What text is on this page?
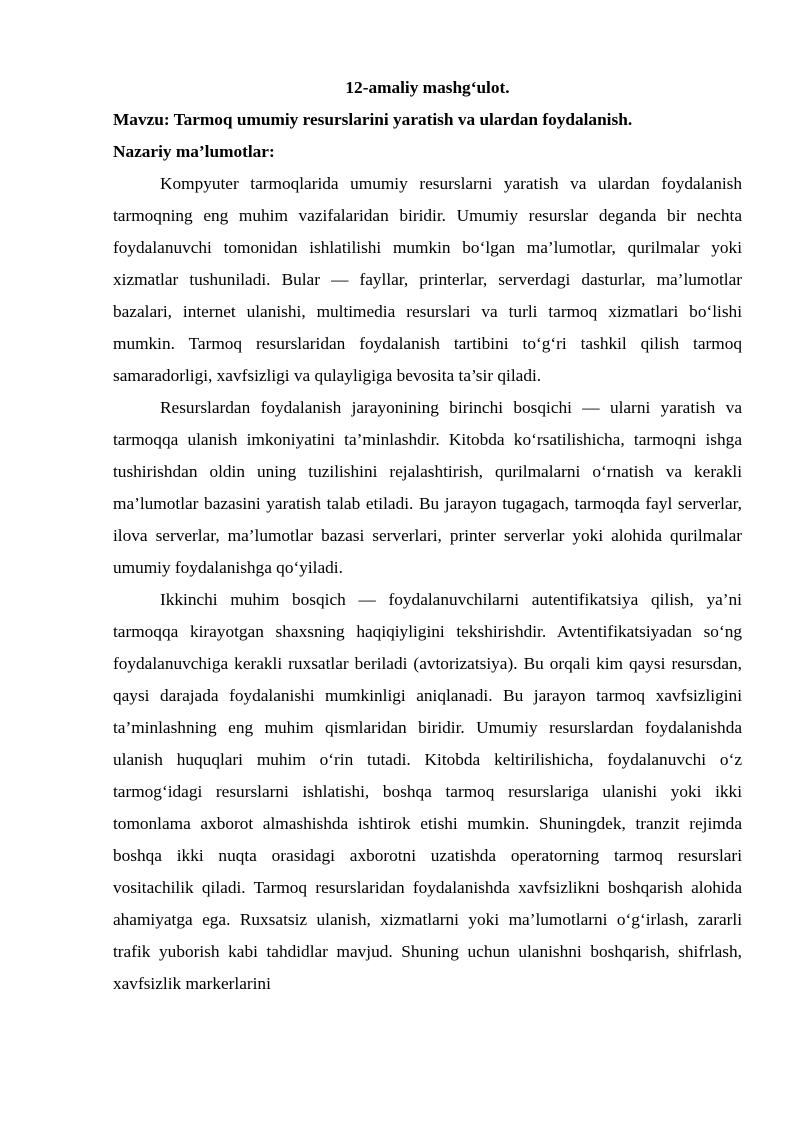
12-amaliy mashg‘ulot.

Mavzu: Tarmoq umumiy resurslarini yaratish va ulardan foydalanish.

Nazariy ma’lumotlar:

Kompyuter tarmoqlarida umumiy resurslarni yaratish va ulardan foydalanish tarmoqning eng muhim vazifalaridan biridir. Umumiy resurslar deganda bir nechta foydalanuvchi tomonidan ishlatilishi mumkin bo‘lgan ma’lumotlar, qurilmalar yoki xizmatlar tushuniladi. Bular — fayllar, printerlar, serverdagi dasturlar, ma’lumotlar bazalari, internet ulanishi, multimedia resurslari va turli tarmoq xizmatlari bo‘lishi mumkin. Tarmoq resurslaridan foydalanish tartibini to‘g‘ri tashkil qilish tarmoq samaradorligi, xavfsizligi va qulayligiga bevosita ta’sir qiladi.

Resurslardan foydalanish jarayonining birinchi bosqichi — ularni yaratish va tarmoqqa ulanish imkoniyatini ta’minlashdir. Kitobda ko‘rsatilishicha, tarmoqni ishga tushirishdan oldin uning tuzilishini rejalashtirish, qurilmalarni o‘rnatish va kerakli ma’lumotlar bazasini yaratish talab etiladi. Bu jarayon tugagach, tarmoqda fayl serverlar, ilova serverlar, ma’lumotlar bazasi serverlari, printer serverlar yoki alohida qurilmalar umumiy foydalanishga qo‘yiladi.

Ikkinchi muhim bosqich — foydalanuvchilarni autentifikatsiya qilish, ya’ni tarmoqqa kirayotgan shaxsning haqiqiyligini tekshirishdir. Avtentifikatsiyadan so‘ng foydalanuvchiga kerakli ruxsatlar beriladi (avtorizatsiya). Bu orqali kim qaysi resursdan, qaysi darajada foydalanishi mumkinligi aniqlanadi. Bu jarayon tarmoq xavfsizligini ta’minlashning eng muhim qismlaridan biridir. Umumiy resurslardan foydalanishda ulanish huquqlari muhim o‘rin tutadi. Kitobda keltirilishicha, foydalanuvchi o‘z tarmog‘idagi resurslarni ishlatishi, boshqa tarmoq resurslariga ulanishi yoki ikki tomonlama axborot almashishda ishtirok etishi mumkin. Shuningdek, tranzit rejimda boshqa ikki nuqta orasidagi axborotni uzatishda operatorning tarmoq resurslari vositachilik qiladi. Tarmoq resurslaridan foydalanishda xavfsizlikni boshqarish alohida ahamiyatga ega. Ruxsatsiz ulanish, xizmatlarni yoki ma’lumotlarni o‘g‘irlash, zararli trafik yuborish kabi tahdidlar mavjud. Shuning uchun ulanishni boshqarish, shifrlash, xavfsizlik markerlarini
